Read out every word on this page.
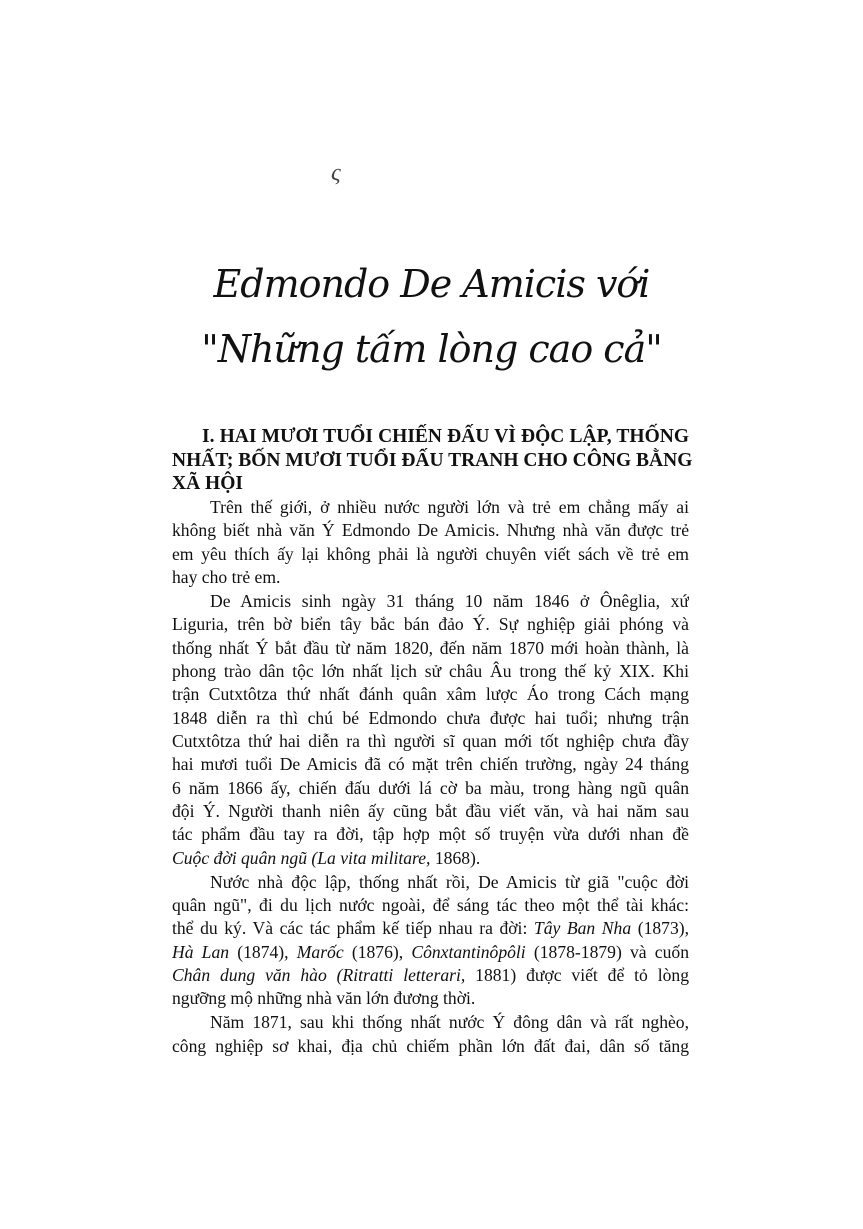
ς
Edmondo De Amicis với
"Những tấm lòng cao cả"
I. HAI MƯƠI TUỔI CHIẾN ĐẤU VÌ ĐỘC LẬP, THỐNG
NHẤT; BỐN MƯƠI TUỔI ĐẤU TRANH CHO CÔNG BẰNG
XÃ HỘI
Trên thế giới, ở nhiều nước người lớn và trẻ em chẳng mấy ai
không biết nhà văn Ý Edmondo De Amicis. Nhưng nhà văn được trẻ
em yêu thích ấy lại không phải là người chuyên viết sách về trẻ em
hay cho trẻ em.
De Amicis sinh ngày 31 tháng 10 năm 1846 ở Ônêglia, xứ
Liguria, trên bờ biển tây bắc bán đảo Ý. Sự nghiệp giải phóng và
thống nhất Ý bắt đầu từ năm 1820, đến năm 1870 mới hoàn thành, là
phong trào dân tộc lớn nhất lịch sử châu Âu trong thế kỷ XIX. Khi
trận Cutxtôtza thứ nhất đánh quân xâm lược Áo trong Cách mạng
1848 diễn ra thì chú bé Edmondo chưa được hai tuổi; nhưng trận
Cutxtôtza thứ hai diễn ra thì người sĩ quan mới tốt nghiệp chưa đầy
hai mươi tuổi De Amicis đã có mặt trên chiến trường, ngày 24 tháng
6 năm 1866 ấy, chiến đấu dưới lá cờ ba màu, trong hàng ngũ quân
đội Ý. Người thanh niên ấy cũng bắt đầu viết văn, và hai năm sau
tác phẩm đầu tay ra đời, tập hợp một số truyện vừa dưới nhan đề
Cuộc đời quân ngũ (La vita militare, 1868).
Nước nhà độc lập, thống nhất rồi, De Amicis từ giã "cuộc đời
quân ngũ", đi du lịch nước ngoài, để sáng tác theo một thể tài khác:
thể du ký. Và các tác phẩm kế tiếp nhau ra đời: Tây Ban Nha (1873),
Hà Lan (1874), Marốc (1876), Cônxtantinôpôli (1878-1879) và cuốn
Chân dung văn hào (Ritratti letterari, 1881) được viết để tỏ lòng
ngưỡng mộ những nhà văn lớn đương thời.
Năm 1871, sau khi thống nhất nước Ý đông dân và rất nghèo,
công nghiệp sơ khai, địa chủ chiếm phần lớn đất đai, dân số tăng
